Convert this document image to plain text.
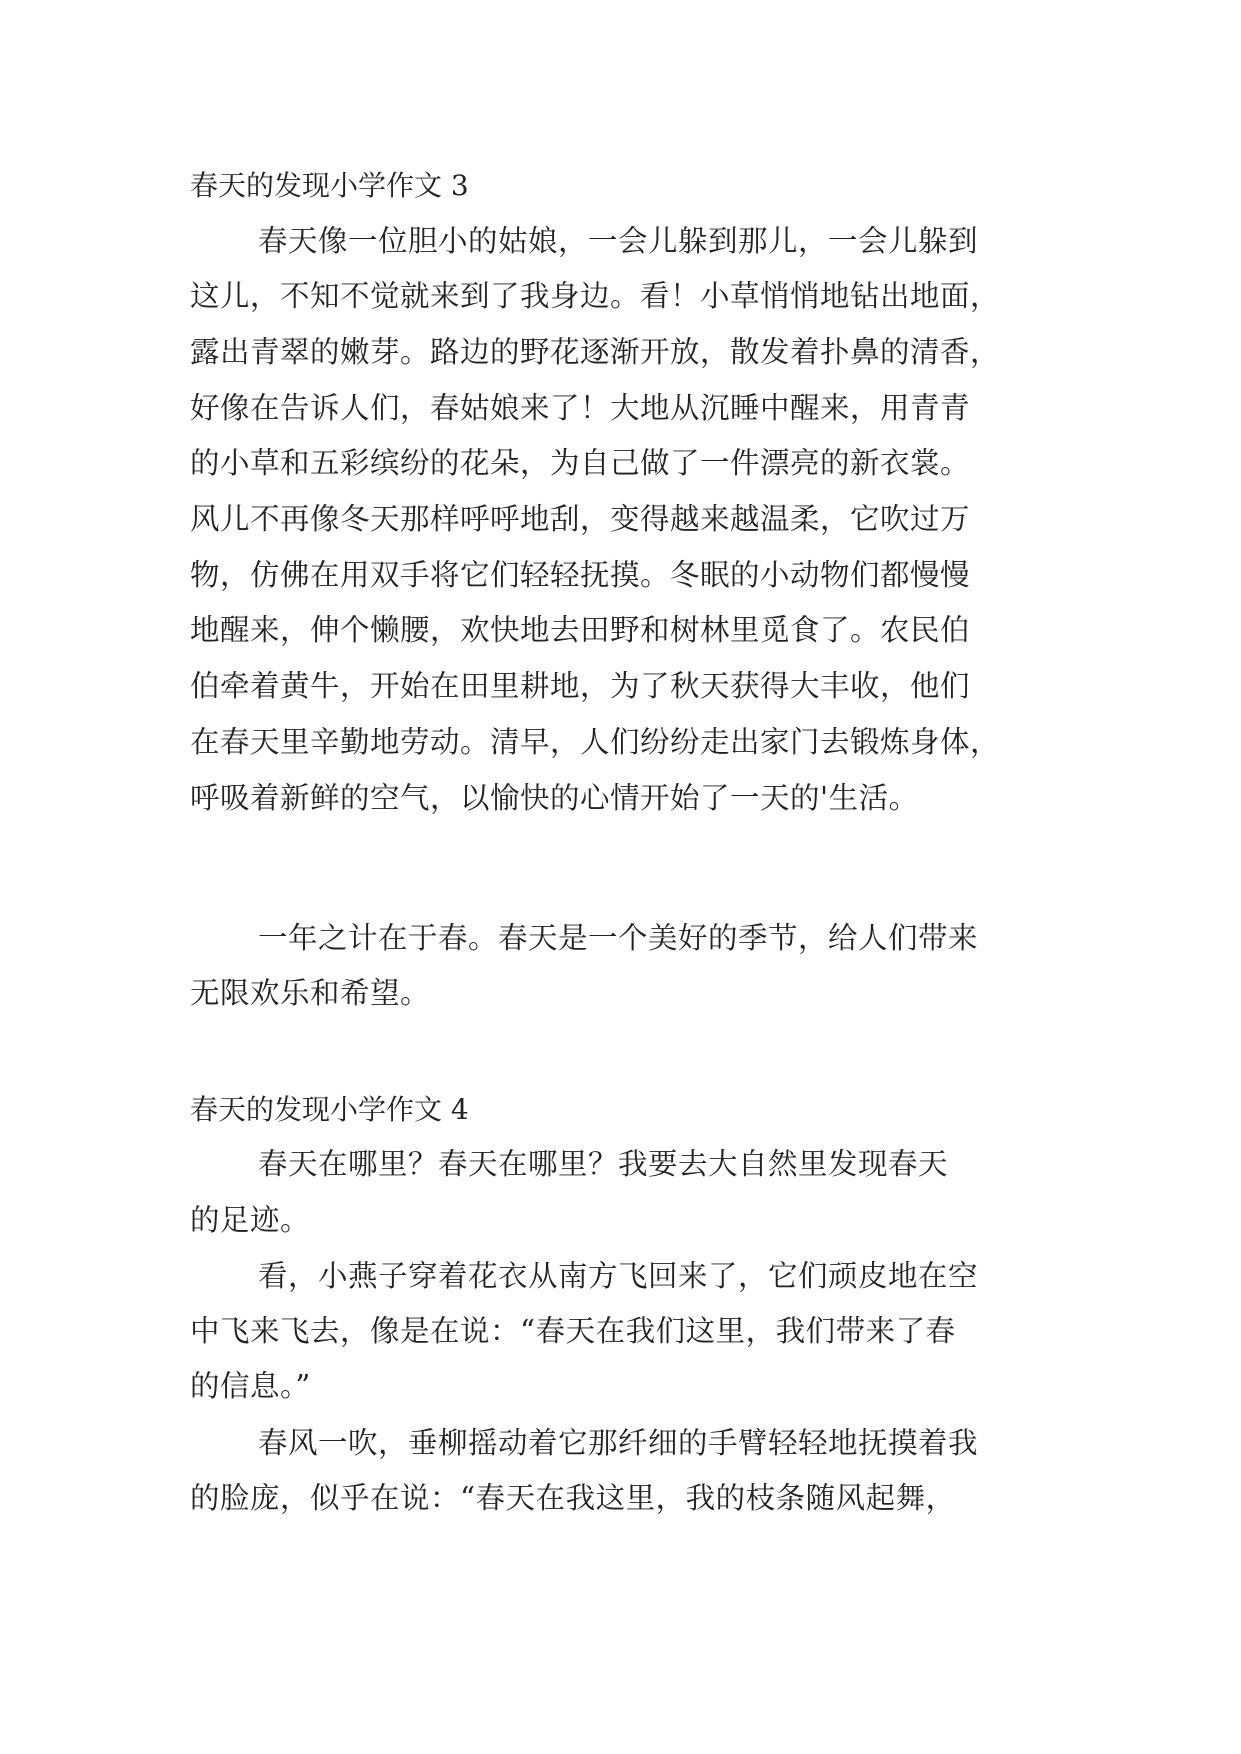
春天的发现小学作文 3
春天像一位胆小的姑娘，一会儿躲到那儿，一会儿躲到
这儿，不知不觉就来到了我身边。看！小草悄悄地钻出地面，
露出青翠的嫩芽。路边的野花逐渐开放，散发着扑鼻的清香，
好像在告诉人们，春姑娘来了！大地从沉睡中醒来，用青青
的小草和五彩缤纷的花朵，为自己做了一件漂亮的新衣裳。
风儿不再像冬天那样呼呼地刮，变得越来越温柔，它吹过万
物，仿佛在用双手将它们轻轻抚摸。冬眠的小动物们都慢慢
地醒来，伸个懒腰，欢快地去田野和树林里觅食了。农民伯
伯牵着黄牛，开始在田里耕地，为了秋天获得大丰收，他们
在春天里辛勤地劳动。清早，人们纷纷走出家门去锻炼身体，
呼吸着新鲜的空气，以愉快的心情开始了一天的'生活。
一年之计在于春。春天是一个美好的季节，给人们带来
无限欢乐和希望。
春天的发现小学作文 4
春天在哪里？春天在哪里？我要去大自然里发现春天
的足迹。
看，小燕子穿着花衣从南方飞回来了，它们顽皮地在空
中飞来飞去，像是在说：“春天在我们这里，我们带来了春
的信息。”
春风一吹，垂柳摇动着它那纤细的手臂轻轻地抚摸着我
的脸庞，似乎在说：“春天在我这里，我的枝条随风起舞，
